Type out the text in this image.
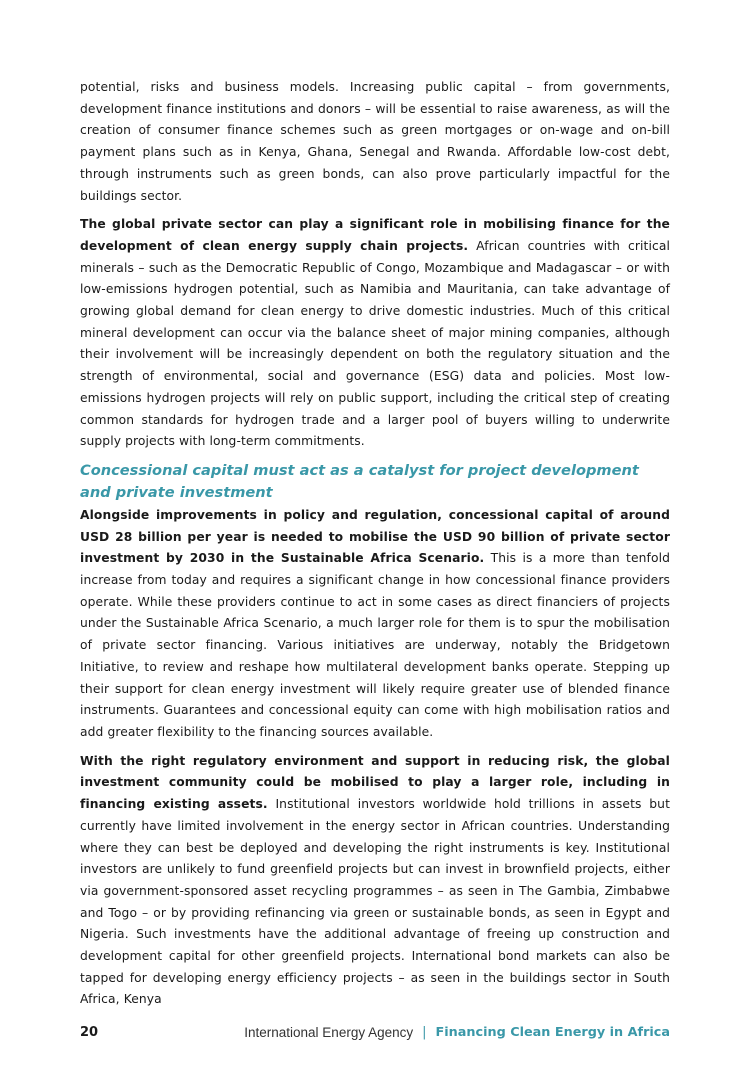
potential, risks and business models. Increasing public capital – from governments, development finance institutions and donors – will be essential to raise awareness, as will the creation of consumer finance schemes such as green mortgages or on-wage and on-bill payment plans such as in Kenya, Ghana, Senegal and Rwanda. Affordable low-cost debt, through instruments such as green bonds, can also prove particularly impactful for the buildings sector.

The global private sector can play a significant role in mobilising finance for the development of clean energy supply chain projects. African countries with critical minerals – such as the Democratic Republic of Congo, Mozambique and Madagascar – or with low-emissions hydrogen potential, such as Namibia and Mauritania, can take advantage of growing global demand for clean energy to drive domestic industries. Much of this critical mineral development can occur via the balance sheet of major mining companies, although their involvement will be increasingly dependent on both the regulatory situation and the strength of environmental, social and governance (ESG) data and policies. Most low-emissions hydrogen projects will rely on public support, including the critical step of creating common standards for hydrogen trade and a larger pool of buyers willing to underwrite supply projects with long-term commitments.

Concessional capital must act as a catalyst for project development and private investment

Alongside improvements in policy and regulation, concessional capital of around USD 28 billion per year is needed to mobilise the USD 90 billion of private sector investment by 2030 in the Sustainable Africa Scenario. This is a more than tenfold increase from today and requires a significant change in how concessional finance providers operate. While these providers continue to act in some cases as direct financiers of projects under the Sustainable Africa Scenario, a much larger role for them is to spur the mobilisation of private sector financing. Various initiatives are underway, notably the Bridgetown Initiative, to review and reshape how multilateral development banks operate. Stepping up their support for clean energy investment will likely require greater use of blended finance instruments. Guarantees and concessional equity can come with high mobilisation ratios and add greater flexibility to the financing sources available.

With the right regulatory environment and support in reducing risk, the global investment community could be mobilised to play a larger role, including in financing existing assets. Institutional investors worldwide hold trillions in assets but currently have limited involvement in the energy sector in African countries. Understanding where they can best be deployed and developing the right instruments is key. Institutional investors are unlikely to fund greenfield projects but can invest in brownfield projects, either via government-sponsored asset recycling programmes – as seen in The Gambia, Zimbabwe and Togo – or by providing refinancing via green or sustainable bonds, as seen in Egypt and Nigeria. Such investments have the additional advantage of freeing up construction and development capital for other greenfield projects. International bond markets can also be tapped for developing energy efficiency projects – as seen in the buildings sector in South Africa, Kenya

20	International Energy Agency | Financing Clean Energy in Africa
